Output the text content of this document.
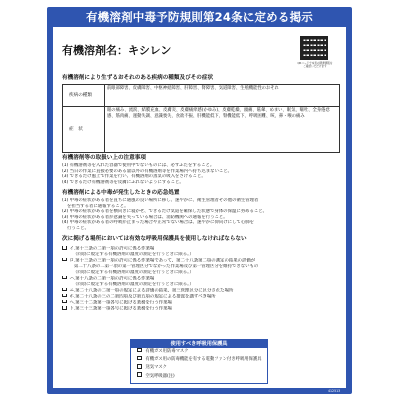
有機溶剤中毒予防規則第24条に定める掲示
有機溶剤名：キシレン
QRコードで本表の関連情報をご確認いただけます
有機溶剤により生ずるおそれのある疾病の種類及びその症状
疾病の種類	前眼部障害、皮膚障害、中枢神経障害、肝障害、腎障害、気道障害、生殖機能性のおそれ
症　状	眼の痛み、流涙、結膜充血、皮膚炎、皮膚痛痒感(かゆみ)、皮膚乾燥、頭痛、眩暈、めまい、眠気、嘔吐、全身倦怠感、筋肉痛、運動失調、意識喪失、食欲不振、肝機能低下、腎機能低下、呼吸困難、咳、鼻・喉の痛み
有機溶剤等の取扱い上の注意事項
(1) 有機溶剤等を入れた容器で使用中でないものには、必ずふたをすること。
(2) 当日の作業に直接必要のある量以外の有機溶剤等を作業場内へ持ち込まないこと。
(3) できるだけ風上で作業を行い、有機溶剤の蒸気の吸入をさけること。
(4) できるだけ有機溶剤等を皮膚にふれないようにすること。
有機溶剤による中毒が発生したときの応急処置
(1) 中毒の症状がある者を直ちに通風の良い場所に移し、速やかに、衛生管理者その他の衛生管理者
を担当する者に通報すること。
(2) 中毒の症状がある者を横向きに寝かせ、できるだけ気道を確保した状態で身体の保温に努めること。
(3) 中毒の症状がある者が意識を失っている場合は、消防機関への通報を行うこと。
(4) 中毒の症状がある者の呼吸が止まった場合や正常でない場合は、速やかに仰向けにして心肺を
行うこと。
次に掲げる場所においては有効な呼吸用保護具を使用しなければならない
イ.第十三条の二第一項の許可に係る作業場
（同項に規定する有機溶剤の濃度の測定を行うときに限る。）
ロ.第十三条の三第一項の許可に係る作業場であって、第二十八条第二項の測定の結果の評価が
　第二十八条の二第一項の第一管理区分でなかった作業場及び第一管理区分を維持できないもの
（同項に規定する有機溶剤の濃度の測定を行うときに限る。）
ハ.第十八条の二第一項の許可に係る作業場
（同項に規定する有機溶剤の濃度の測定を行うときに限る。）
ニ.第二十八条の二第一項の規定による評価の結果、第三管理区分に区分された場所
ホ.第二十八条の三の二第四項及び第五項の規定による措置を講ずべき場所
ヘ.第三十二条第一項各号に掲げる業務を行う作業場
ト.第三十三条第一項各号に掲げる業務を行う作業場
使用すべき呼吸用保護具
有機ガス用防毒マスク
有機ガス用の防毒機能を有する電動ファン付き呼吸用保護具
送気マスク
空気呼吸器(注)
412513
